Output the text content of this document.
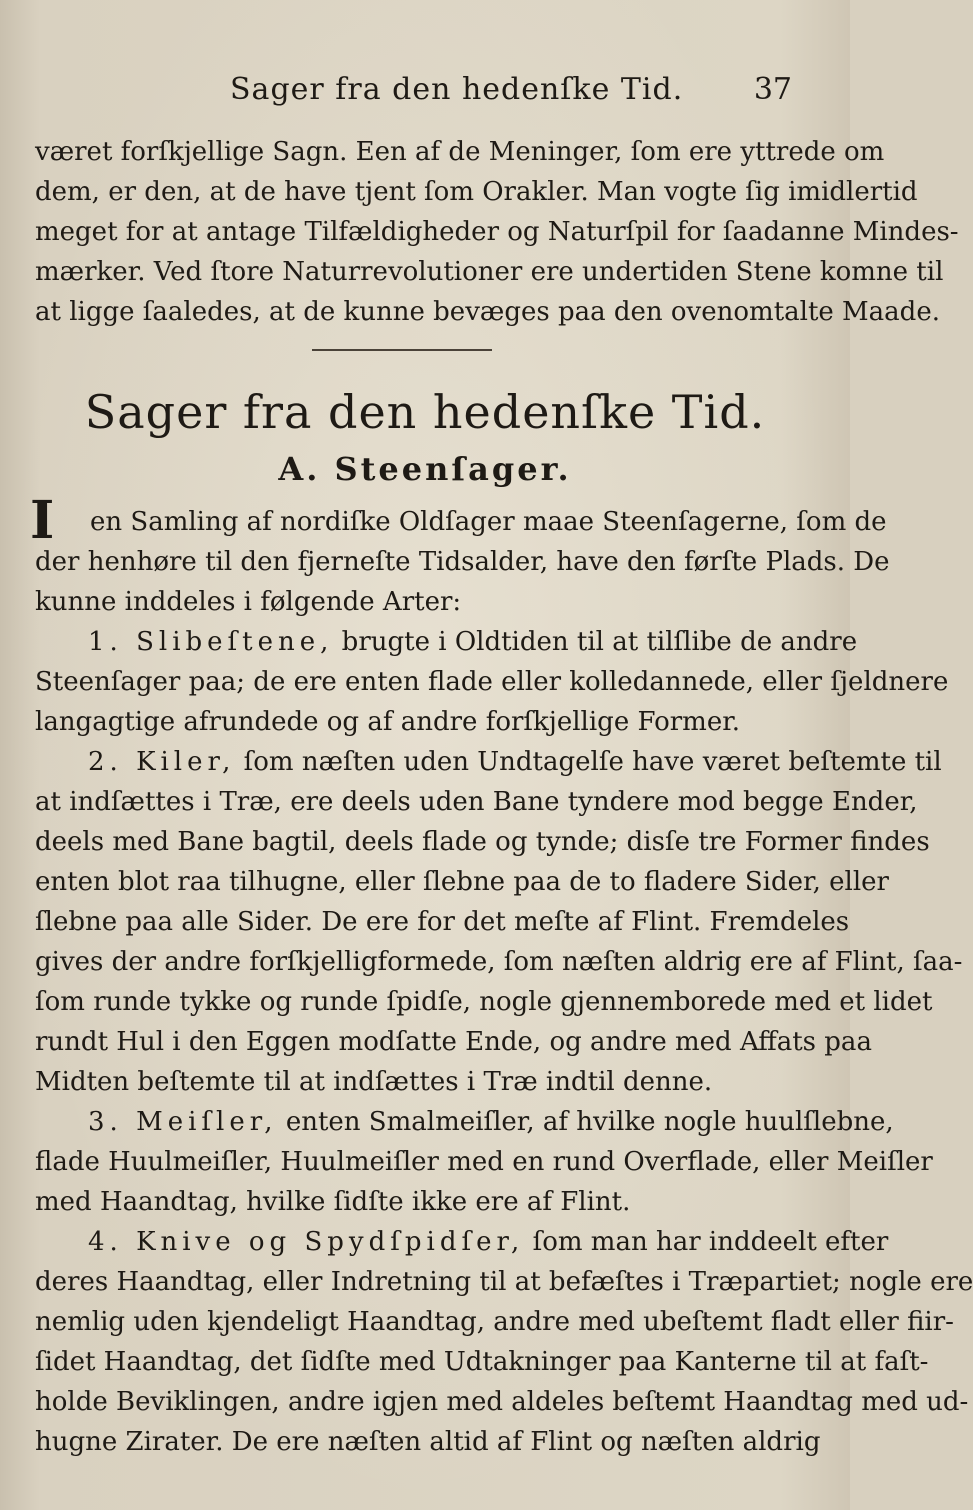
Sager fra den hedenſke Tid. 37
været forſkjellige Sagn. Een af de Meninger, ſom ere yttrede om
dem, er den, at de have tjent ſom Orakler. Man vogte ſig imidlertid
meget for at antage Tilfældigheder og Naturſpil for ſaadanne Mindes-
mærker. Ved ſtore Naturrevolutioner ere undertiden Stene komne til
at ligge ſaaledes, at de kunne bevæges paa den ovenomtalte Maade.
Sager fra den hedenſke Tid.
A. Steenſager.
I en Samling af nordiſke Oldſager maae Steenſagerne, ſom de
der henhøre til den fjerneſte Tidsalder, have den førſte Plads. De
kunne inddeles i følgende Arter:
1. Slibeſtene, brugte i Oldtiden til at tilſlibe de andre
Steenſager paa; de ere enten flade eller kolledannede, eller ſjeldnere
langagtige afrundede og af andre forſkjellige Former.
2. Kiler, ſom næſten uden Undtagelſe have været beſtemte til
at indſættes i Træ, ere deels uden Bane tyndere mod begge Ender,
deels med Bane bagtil, deels flade og tynde; disſe tre Former findes
enten blot raa tilhugne, eller ſlebne paa de to fladere Sider, eller
ſlebne paa alle Sider. De ere for det meſte af Flint. Fremdeles
gives der andre forſkjelligformede, ſom næſten aldrig ere af Flint, ſaa-
ſom runde tykke og runde ſpidſe, nogle gjennemborede med et lidet
rundt Hul i den Eggen modſatte Ende, og andre med Affats paa
Midten beſtemte til at indſættes i Træ indtil denne.
3. Meiſler, enten Smalmeiſler, af hvilke nogle huulſlebne,
flade Huulmeiſler, Huulmeiſler med en rund Overflade, eller Meiſler
med Haandtag, hvilke ſidſte ikke ere af Flint.
4. Knive og Spydſpidſer, ſom man har inddeelt efter
deres Haandtag, eller Indretning til at befæſtes i Træpartiet; nogle ere
nemlig uden kjendeligt Haandtag, andre med ubeſtemt fladt eller fiir-
ſidet Haandtag, det ſidſte med Udtakninger paa Kanterne til at faſt-
holde Beviklingen, andre igjen med aldeles beſtemt Haandtag med ud-
hugne Zirater. De ere næſten altid af Flint og næſten aldrig
